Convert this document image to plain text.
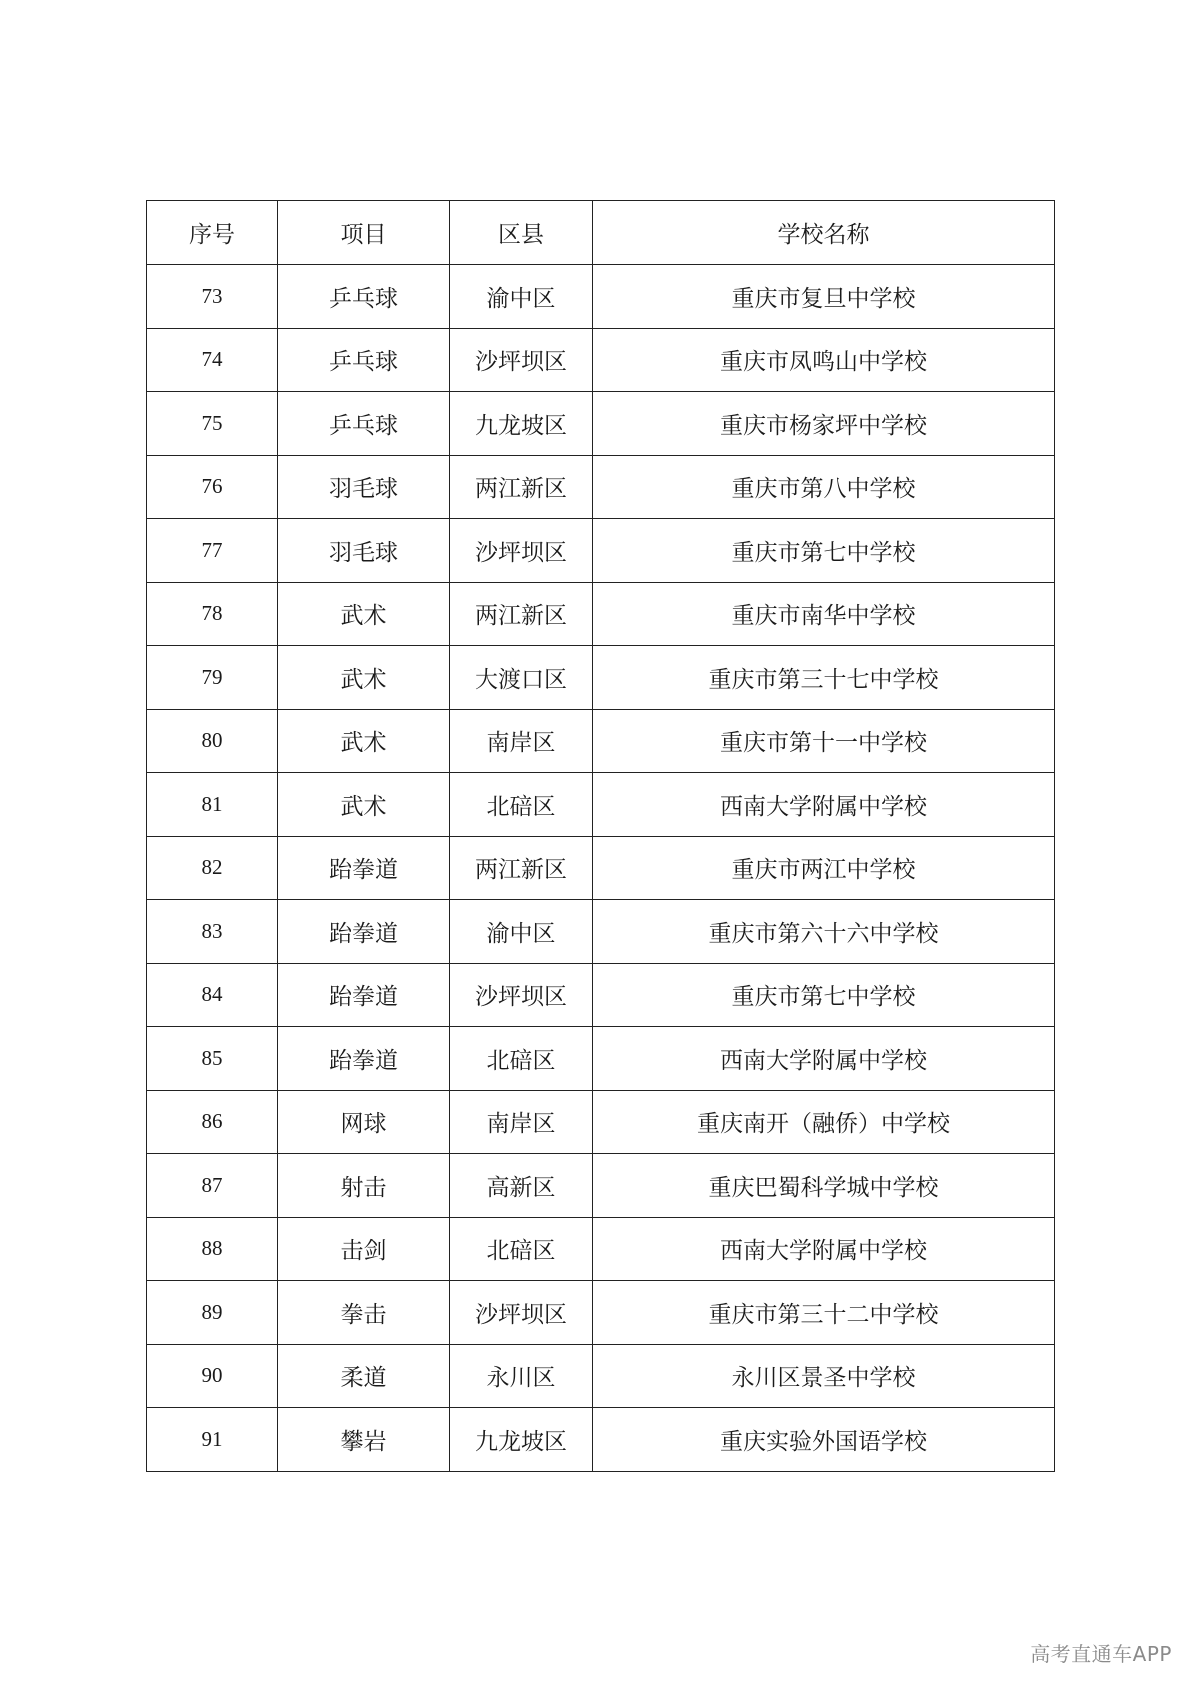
序号	项目	区县	学校名称
73	乒乓球	渝中区	重庆市复旦中学校
74	乒乓球	沙坪坝区	重庆市凤鸣山中学校
75	乒乓球	九龙坡区	重庆市杨家坪中学校
76	羽毛球	两江新区	重庆市第八中学校
77	羽毛球	沙坪坝区	重庆市第七中学校
78	武术	两江新区	重庆市南华中学校
79	武术	大渡口区	重庆市第三十七中学校
80	武术	南岸区	重庆市第十一中学校
81	武术	北碚区	西南大学附属中学校
82	跆拳道	两江新区	重庆市两江中学校
83	跆拳道	渝中区	重庆市第六十六中学校
84	跆拳道	沙坪坝区	重庆市第七中学校
85	跆拳道	北碚区	西南大学附属中学校
86	网球	南岸区	重庆南开（融侨）中学校
87	射击	高新区	重庆巴蜀科学城中学校
88	击剑	北碚区	西南大学附属中学校
89	拳击	沙坪坝区	重庆市第三十二中学校
90	柔道	永川区	永川区景圣中学校
91	攀岩	九龙坡区	重庆实验外国语学校
高考直通车APP
